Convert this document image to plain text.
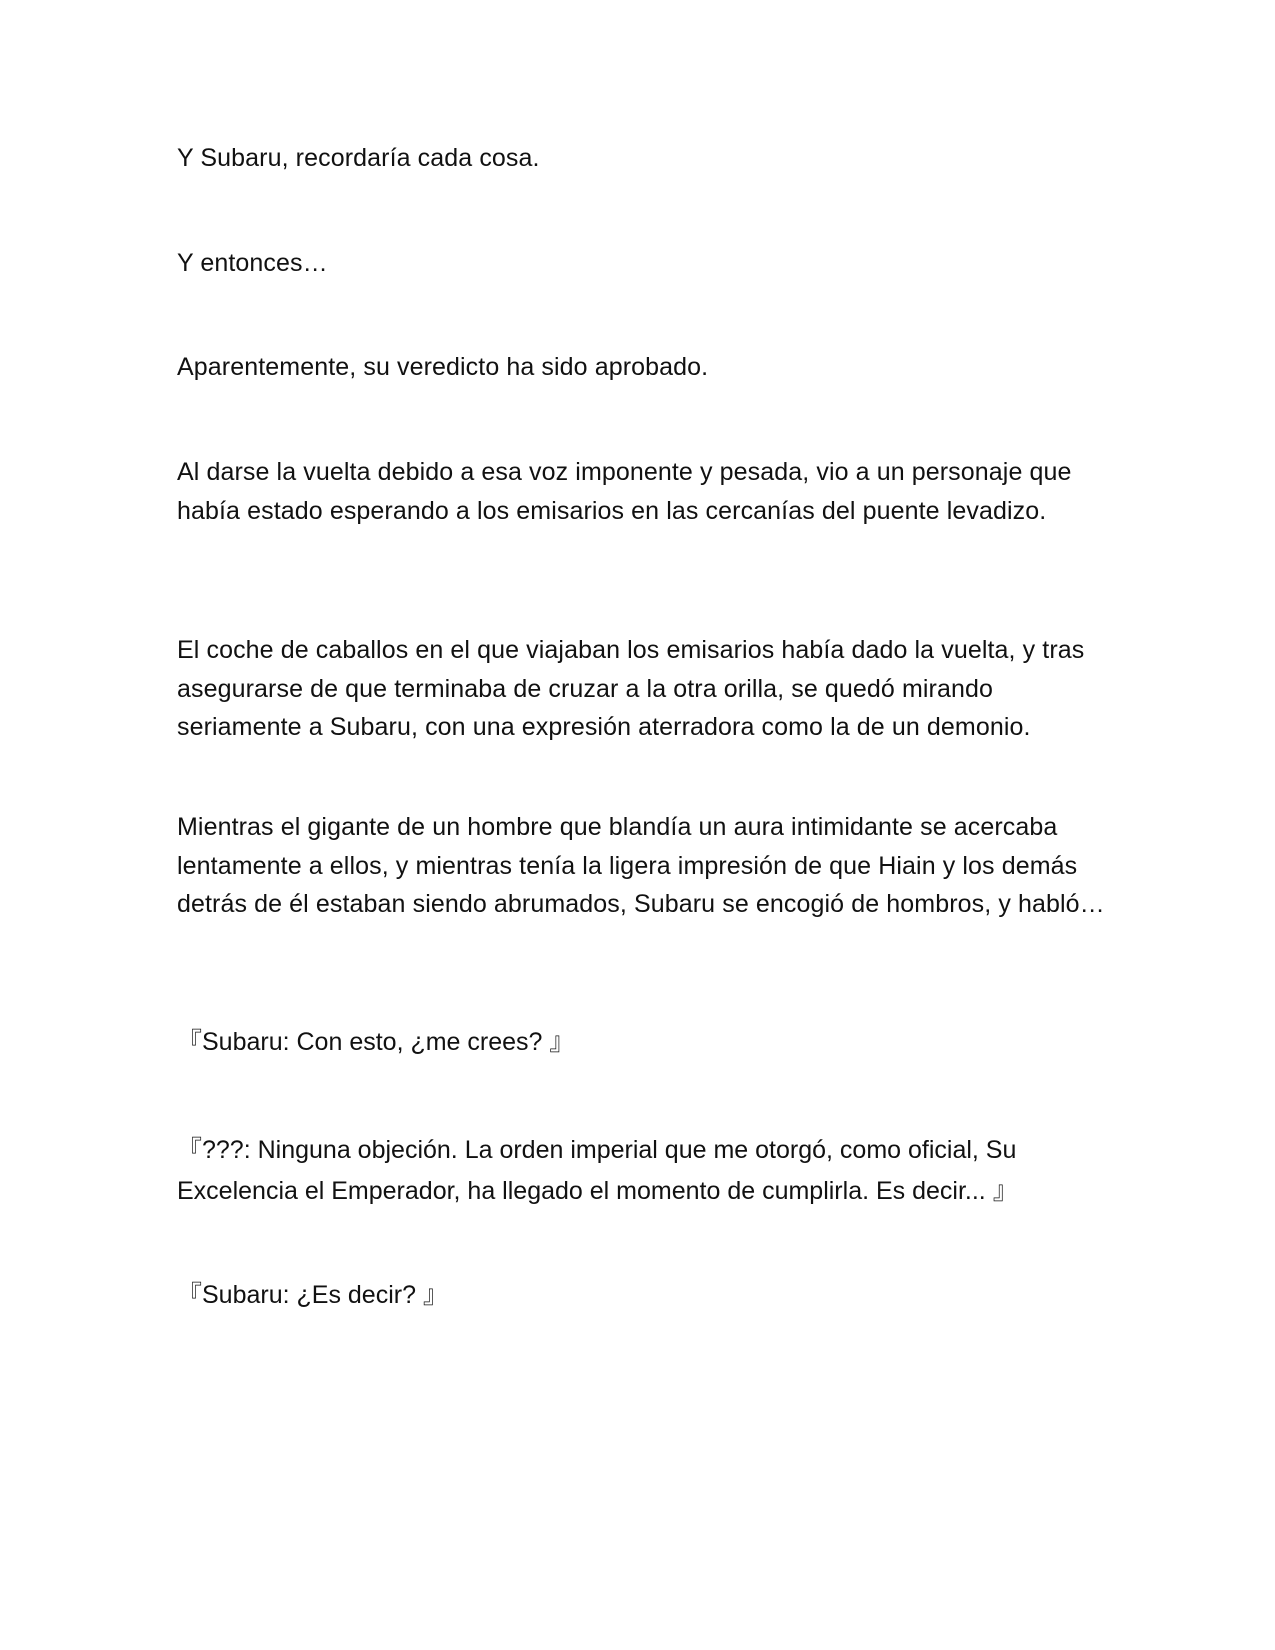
Y Subaru, recordaría cada cosa.

Y entonces…

Aparentemente, su veredicto ha sido aprobado.

Al darse la vuelta debido a esa voz imponente y pesada, vio a un personaje que había estado esperando a los emisarios en las cercanías del puente levadizo.

El coche de caballos en el que viajaban los emisarios había dado la vuelta, y tras asegurarse de que terminaba de cruzar a la otra orilla, se quedó mirando seriamente a Subaru, con una expresión aterradora como la de un demonio.

Mientras el gigante de un hombre que blandía un aura intimidante se acercaba lentamente a ellos, y mientras tenía la ligera impresión de que Hiain y los demás detrás de él estaban siendo abrumados, Subaru se encogió de hombros, y habló…

『Subaru: Con esto, ¿me crees? 』

『???: Ninguna objeción. La orden imperial que me otorgó, como oficial, Su Excelencia el Emperador, ha llegado el momento de cumplirla. Es decir... 』

『Subaru: ¿Es decir? 』
